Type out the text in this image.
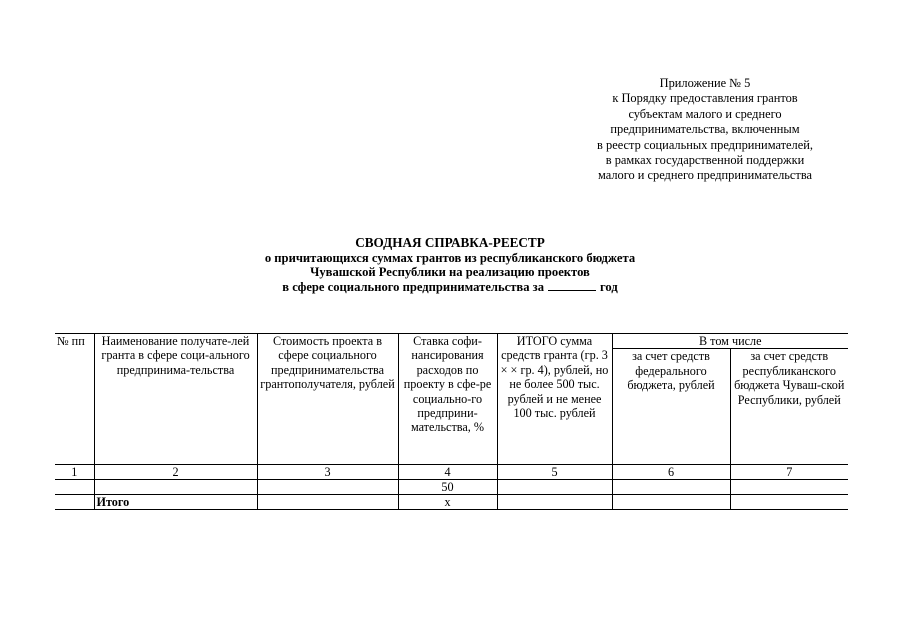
Приложение № 5
к Порядку предоставления грантов
субъектам малого и среднего
предпринимательства, включенным
в реестр социальных предпринимателей,
в рамках государственной поддержки
малого и среднего предпринимательства
СВОДНАЯ СПРАВКА-РЕЕСТР
о причитающихся суммах грантов из республиканского бюджета
Чувашской Республики на реализацию проектов
в сфере социального предпринимательства за	год
№ пп	Наименование получате-лей гранта в сфере соци-ального предпринима-тельства	Стоимость проекта в сфере социального предпринимательства грантополучателя, рублей	Ставка софи-нансирования расходов по проекту в сфе-ре социально-го предприни-мательства, %	ИТОГО сумма средств гранта (гр. 3 × × гр. 4), рублей, но не более 500 тыс. рублей и не менее 100 тыс. рублей	В том числе	
					за счет средств федерального бюджета, рублей	за счет средств республиканского бюджета Чуваш-ской Республики, рублей
1	2	3	4	5	6	7
			50			
	Итого		х			
